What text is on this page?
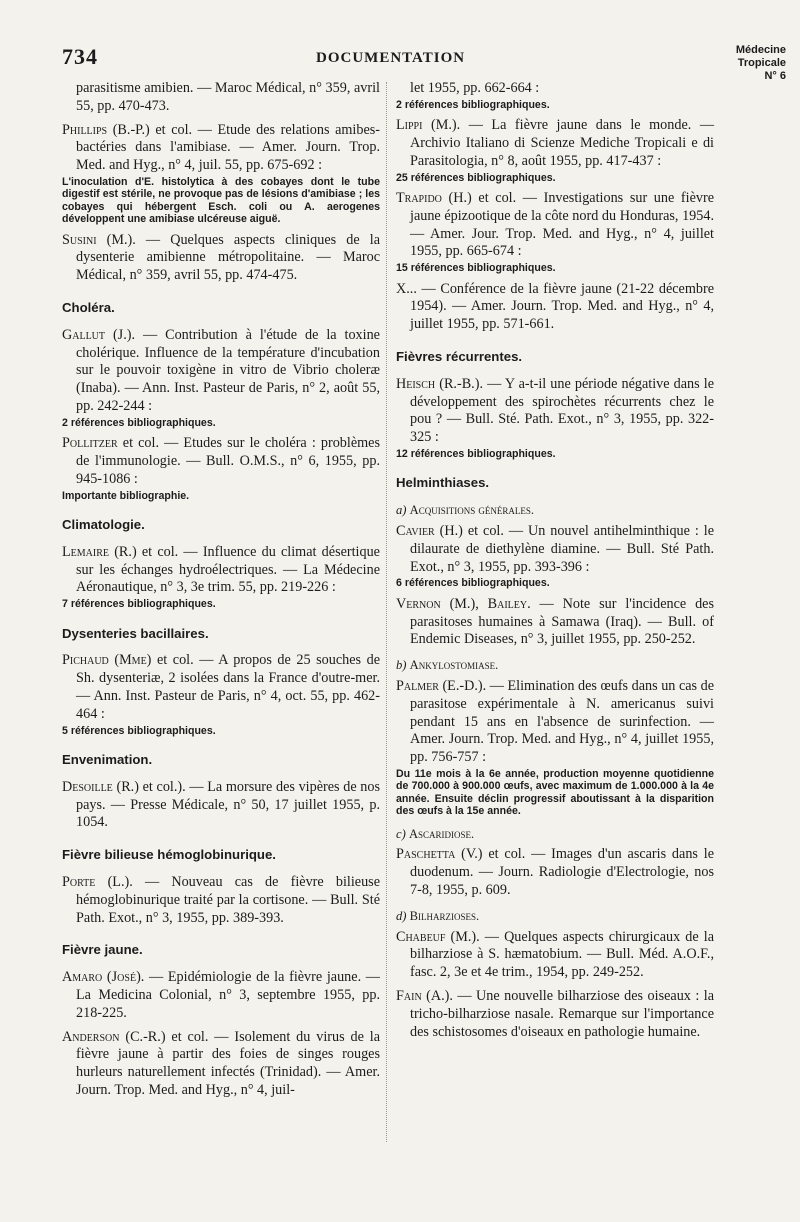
734	DOCUMENTATION	Médecine
Tropicale
N° 6
parasitisme amibien. — Maroc Médical, n° 359, avril 55, pp. 470-473.
Phillips (B.-P.) et col. — Etude des relations amibes-bactéries dans l'amibiase. — Amer. Journ. Trop. Med. and Hyg., n° 4, juil. 55, pp. 675-692 :
L'inoculation d'E. histolytica à des cobayes dont le tube digestif est stérile, ne provoque pas de lésions d'amibiase ; les cobayes qui hébergent Esch. coli ou A. aerogenes développent une amibiase ulcéreuse aiguë.
Susini (M.). — Quelques aspects cliniques de la dysenterie amibienne métropolitaine. — Maroc Médical, n° 359, avril 55, pp. 474-475.
Choléra.
Gallut (J.). — Contribution à l'étude de la toxine cholérique. Influence de la température d'incubation sur le pouvoir toxigène in vitro de Vibrio choleræ (Inaba). — Ann. Inst. Pasteur de Paris, n° 2, août 55, pp. 242-244 :
2 références bibliographiques.
Pollitzer et col. — Etudes sur le choléra : problèmes de l'immunologie. — Bull. O.M.S., n° 6, 1955, pp. 945-1086 :
Importante bibliographie.
Climatologie.
Lemaire (R.) et col. — Influence du climat désertique sur les échanges hydroélectriques. — La Médecine Aéronautique, n° 3, 3e trim. 55, pp. 219-226 :
7 références bibliographiques.
Dysenteries bacillaires.
Pichaud (Mme) et col. — A propos de 25 souches de Sh. dysenteriæ, 2 isolées dans la France d'outre-mer. — Ann. Inst. Pasteur de Paris, n° 4, oct. 55, pp. 462-464 :
5 références bibliographiques.
Envenimation.
Desoille (R.) et col.). — La morsure des vipères de nos pays. — Presse Médicale, n° 50, 17 juillet 1955, p. 1054.
Fièvre bilieuse hémoglobinurique.
Porte (L.). — Nouveau cas de fièvre bilieuse hémoglobinurique traité par la cortisone. — Bull. Sté Path. Exot., n° 3, 1955, pp. 389-393.
Fièvre jaune.
Amaro (José). — Epidémiologie de la fièvre jaune. — La Medicina Colonial, n° 3, septembre 1955, pp. 218-225.
Anderson (C.-R.) et col. — Isolement du virus de la fièvre jaune à partir des foies de singes rouges hurleurs naturellement infectés (Trinidad). — Amer. Journ. Trop. Med. and Hyg., n° 4, juil-
let 1955, pp. 662-664 :
2 références bibliographiques.
Lippi (M.). — La fièvre jaune dans le monde. — Archivio Italiano di Scienze Mediche Tropicali e di Parasitologia, n° 8, août 1955, pp. 417-437 :
25 références bibliographiques.
Trapido (H.) et col. — Investigations sur une fièvre jaune épizootique de la côte nord du Honduras, 1954. — Amer. Jour. Trop. Med. and Hyg., n° 4, juillet 1955, pp. 665-674 :
15 références bibliographiques.
X... — Conférence de la fièvre jaune (21-22 décembre 1954). — Amer. Journ. Trop. Med. and Hyg., n° 4, juillet 1955, pp. 571-661.
Fièvres récurrentes.
Heisch (R.-B.). — Y a-t-il une période négative dans le développement des spirochètes récurrents chez le pou ? — Bull. Sté. Path. Exot., n° 3, 1955, pp. 322-325 :
12 références bibliographiques.
Helminthiases.
a) Acquisitions générales.
Cavier (H.) et col. — Un nouvel antihelminthique : le dilaurate de diethylène diamine. — Bull. Sté Path. Exot., n° 3, 1955, pp. 393-396 :
6 références bibliographiques.
Vernon (M.), Bailey. — Note sur l'incidence des parasitoses humaines à Samawa (Iraq). — Bull. of Endemic Diseases, n° 3, juillet 1955, pp. 250-252.
b) Ankylostomiase.
Palmer (E.-D.). — Elimination des œufs dans un cas de parasitose expérimentale à N. americanus suivi pendant 15 ans en l'absence de surinfection. — Amer. Journ. Trop. Med. and Hyg., n° 4, juillet 1955, pp. 756-757 :
Du 11e mois à la 6e année, production moyenne quotidienne de 700.000 à 900.000 œufs, avec maximum de 1.000.000 à la 4e année. Ensuite déclin progressif aboutissant à la disparition des œufs à la 15e année.
c) Ascaridiose.
Paschetta (V.) et col. — Images d'un ascaris dans le duodenum. — Journ. Radiologie d'Electrologie, nos 7-8, 1955, p. 609.
d) Bilharzioses.
Chabeuf (M.). — Quelques aspects chirurgicaux de la bilharziose à S. hæmatobium. — Bull. Méd. A.O.F., fasc. 2, 3e et 4e trim., 1954, pp. 249-252.
Fain (A.). — Une nouvelle bilharziose des oiseaux : la tricho-bilharziose nasale. Remarque sur l'importance des schistosomes d'oiseaux en pathologie humaine.
